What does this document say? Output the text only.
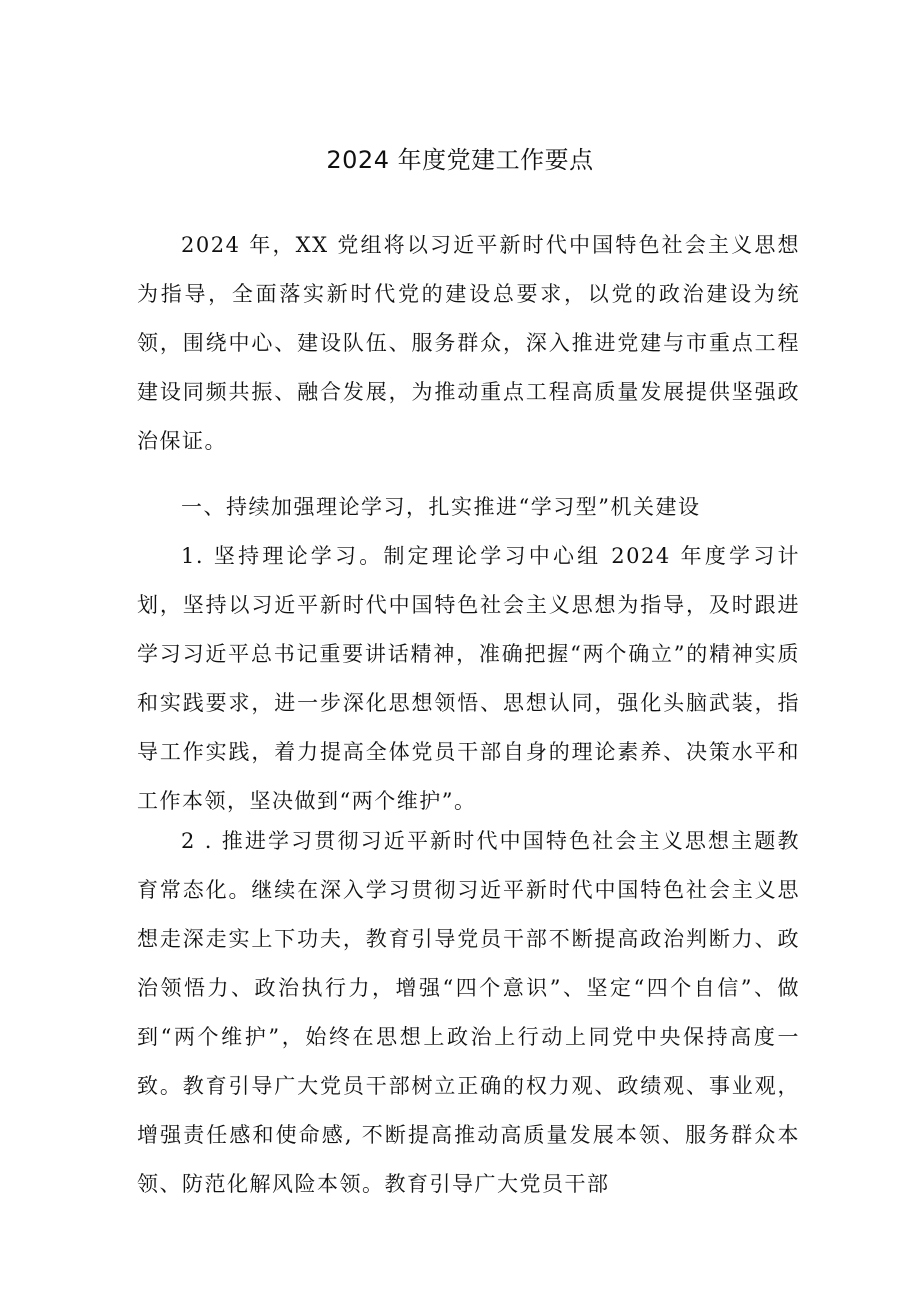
2024 年度党建工作要点

2024 年，XX 党组将以习近平新时代中国特色社会主义思想为指导，全面落实新时代党的建设总要求，以党的政治建设为统领，围绕中心、建设队伍、服务群众，深入推进党建与市重点工程建设同频共振、融合发展，为推动重点工程高质量发展提供坚强政治保证。

一、持续加强理论学习，扎实推进“学习型”机关建设

1. 坚持理论学习。制定理论学习中心组 2024 年度学习计划，坚持以习近平新时代中国特色社会主义思想为指导，及时跟进学习习近平总书记重要讲话精神，准确把握“两个确立”的精神实质和实践要求，进一步深化思想领悟、思想认同，强化头脑武装，指导工作实践，着力提高全体党员干部自身的理论素养、决策水平和工作本领，坚决做到“两个维护”。

2 . 推进学习贯彻习近平新时代中国特色社会主义思想主题教育常态化。继续在深入学习贯彻习近平新时代中国特色社会主义思想走深走实上下功夫，教育引导党员干部不断提高政治判断力、政治领悟力、政治执行力，增强“四个意识”、坚定“四个自信”、做到“两个维护”，始终在思想上政治上行动上同党中央保持高度一致。教育引导广大党员干部树立正确的权力观、政绩观、事业观，增强责任感和使命感, 不断提高推动高质量发展本领、服务群众本领、防范化解风险本领。教育引导广大党员干部
